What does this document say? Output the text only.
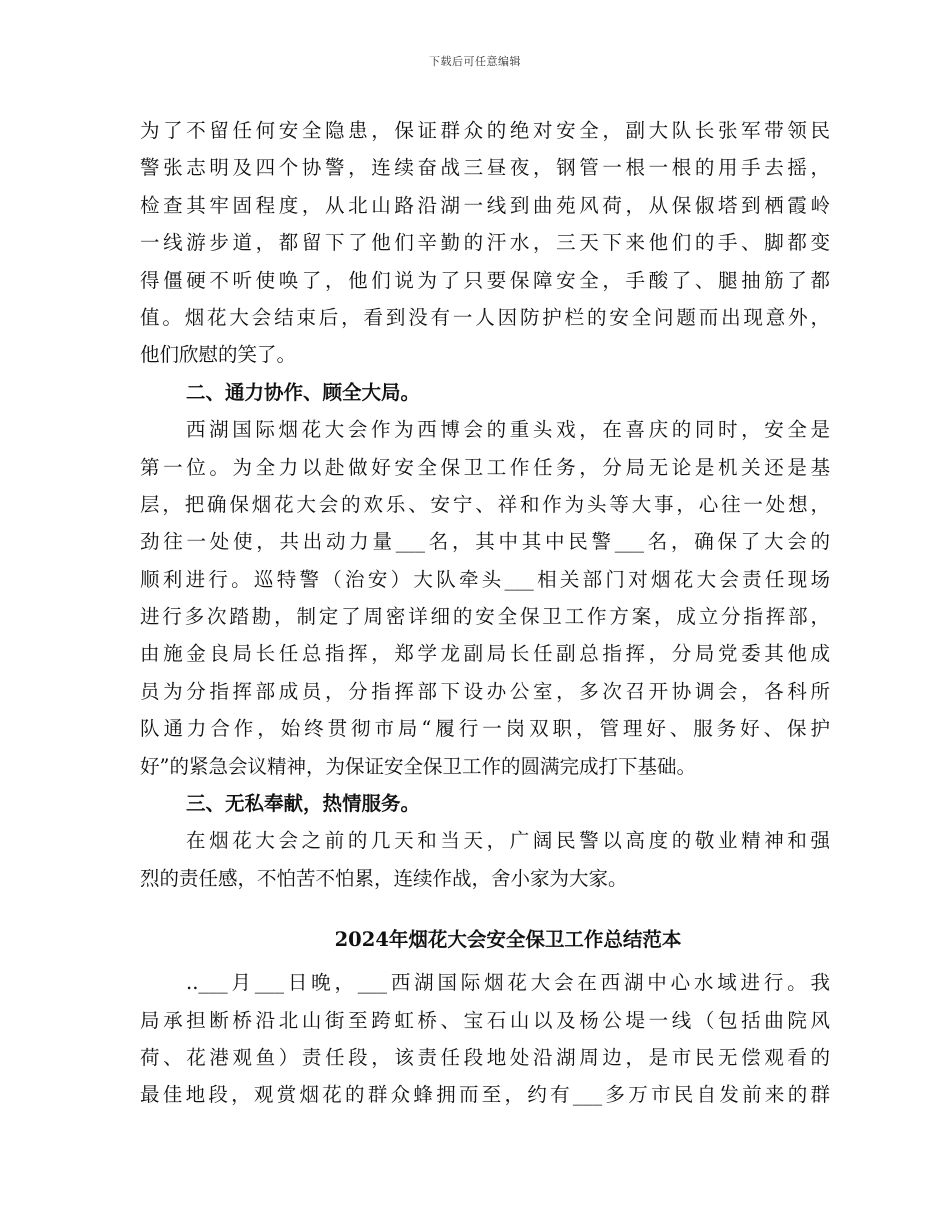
下载后可任意编辑
为了不留任何安全隐患，保证群众的绝对安全，副大队长张军带领民
警张志明及四个协警，连续奋战三昼夜，钢管一根一根的用手去摇，
检查其牢固程度，从北山路沿湖一线到曲苑风荷，从保俶塔到栖霞岭
一线游步道，都留下了他们辛勤的汗水，三天下来他们的手、脚都变
得僵硬不听使唤了，他们说为了只要保障安全，手酸了、腿抽筋了都
值。烟花大会结束后，看到没有一人因防护栏的安全问题而出现意外，
他们欣慰的笑了。
二、通力协作、顾全大局。
西湖国际烟花大会作为西博会的重头戏，在喜庆的同时，安全是
第一位。为全力以赴做好安全保卫工作任务，分局无论是机关还是基
层，把确保烟花大会的欢乐、安宁、祥和作为头等大事，心往一处想，
劲往一处使，共出动力量___名，其中其中民警___名，确保了大会的
顺利进行。巡特警（治安）大队牵头___相关部门对烟花大会责任现场
进行多次踏勘，制定了周密详细的安全保卫工作方案，成立分指挥部，
由施金良局长任总指挥，郑学龙副局长任副总指挥，分局党委其他成
员为分指挥部成员，分指挥部下设办公室，多次召开协调会，各科所
队通力合作，始终贯彻市局“履行一岗双职，管理好、服务好、保护
好”的紧急会议精神，为保证安全保卫工作的圆满完成打下基础。
三、无私奉献，热情服务。
在烟花大会之前的几天和当天，广阔民警以高度的敬业精神和强
烈的责任感，不怕苦不怕累，连续作战，舍小家为大家。
2024年烟花大会安全保卫工作总结范本
..___月___日晚，___西湖国际烟花大会在西湖中心水域进行。我
局承担断桥沿北山街至跨虹桥、宝石山以及杨公堤一线（包括曲院风
荷、花港观鱼）责任段，该责任段地处沿湖周边，是市民无偿观看的
最佳地段，观赏烟花的群众蜂拥而至，约有___多万市民自发前来的群
